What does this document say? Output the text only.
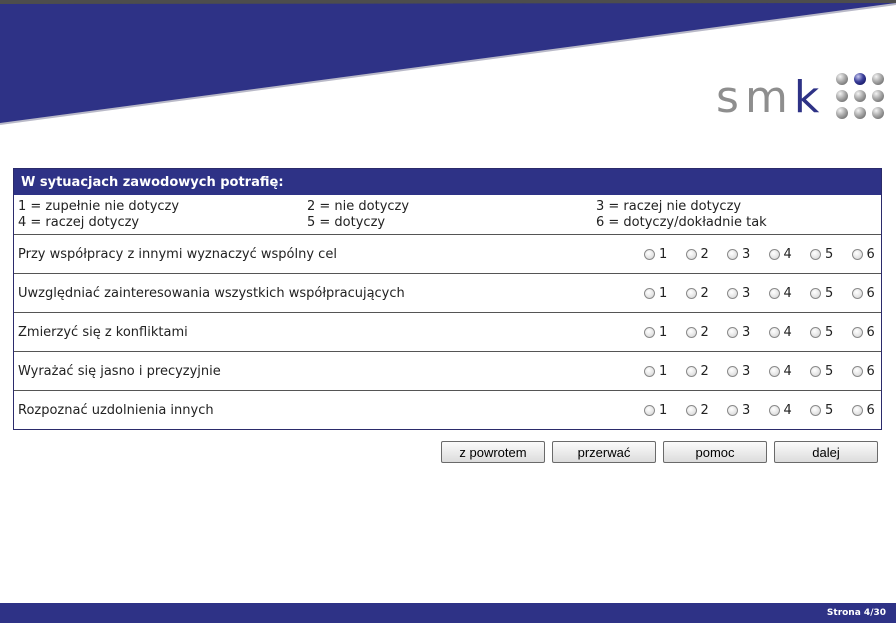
smk
W sytuacjach zawodowych potrafię:
1 = zupełnie nie dotyczy	2 = nie dotyczy	3 = raczej nie dotyczy
4 = raczej dotyczy	5 = dotyczy	6 = dotyczy/dokładnie tak
Przy współpracy z innymi wyznaczyć wspólny cel	1	2	3	4	5	6
Uwzględniać zainteresowania wszystkich współpracujących	1	2	3	4	5	6
Zmierzyć się z konfliktami	1	2	3	4	5	6
Wyrażać się jasno i precyzyjnie	1	2	3	4	5	6
Rozpoznać uzdolnienia innych	1	2	3	4	5	6
z powrotem	przerwać	pomoc	dalej
Strona 4/30
